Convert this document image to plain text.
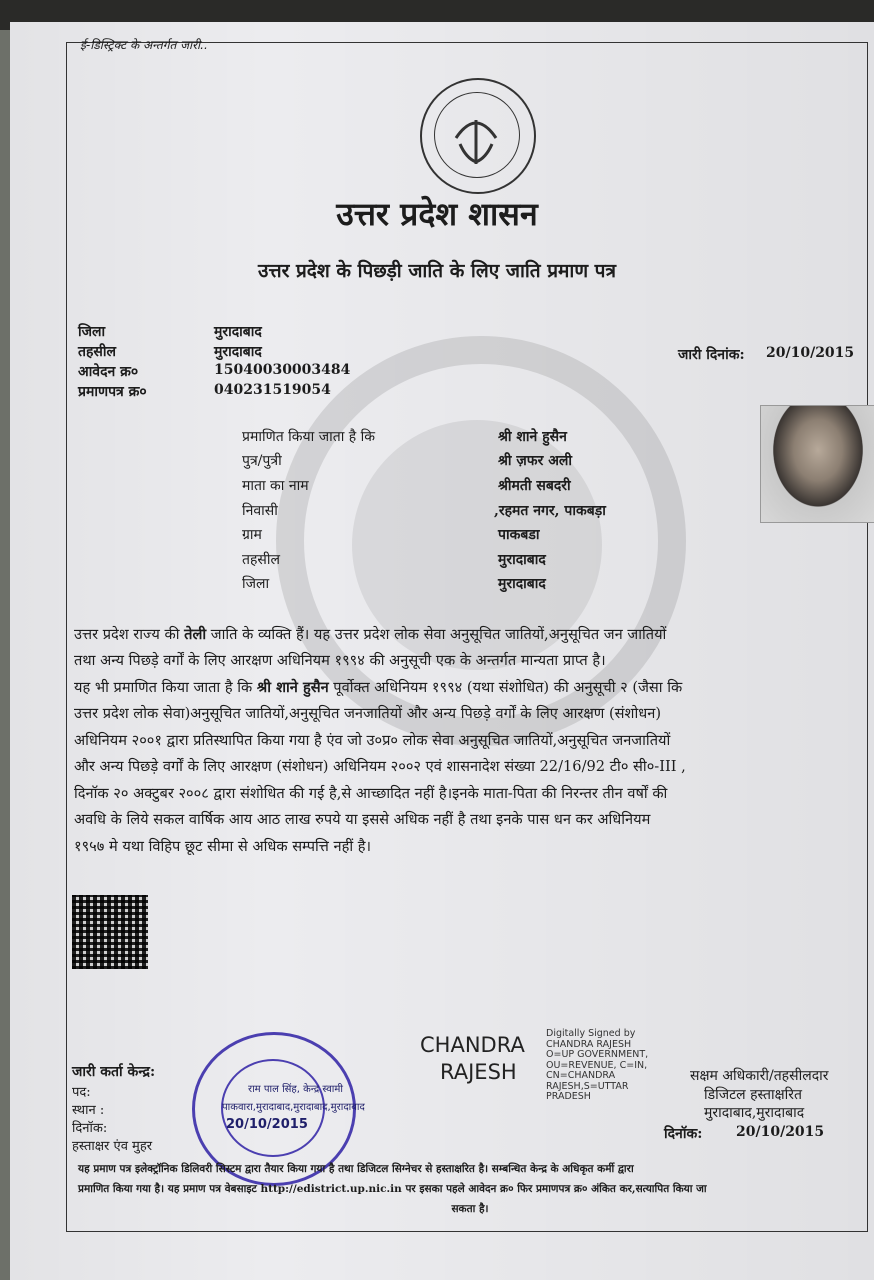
ई-डिस्ट्रिक्ट के अन्तर्गत जारी..
उत्तर प्रदेश शासन
उत्तर प्रदेश के पिछड़ी जाति के लिए जाति प्रमाण पत्र
जिला	मुरादाबाद
तहसील	मुरादाबाद
आवेदन क्र०	15040030003484
प्रमाणपत्र क्र०	040231519054
जारी दिनांक: 20/10/2015
प्रमाणित किया जाता है कि	श्री शाने हुसैन
पुत्र/पुत्री	श्री ज़फर अली
माता का नाम	श्रीमती सबदरी
निवासी	,रहमत नगर, पाकबड़ा
ग्राम	पाकबडा
तहसील	मुरादाबाद
जिला	मुरादाबाद
उत्तर प्रदेश राज्य की तेली जाति के व्यक्ति हैं। यह उत्तर प्रदेश लोक सेवा अनुसूचित जातियों,अनुसूचित जन जातियों
तथा अन्य पिछड़े वर्गों के लिए आरक्षण अधिनियम १९९४ की अनुसूची एक के अन्तर्गत मान्यता प्राप्त है।
यह भी प्रमाणित किया जाता है कि श्री शाने हुसैन पूर्वोक्त अधिनियम १९९४ (यथा संशोधित) की अनुसूची २ (जैसा कि
उत्तर प्रदेश लोक सेवा)अनुसूचित जातियों,अनुसूचित जनजातियों और अन्य पिछड़े वर्गों के लिए आरक्षण (संशोधन)
अधिनियम २००१ द्वारा प्रतिस्थापित किया गया है एंव जो उ०प्र० लोक सेवा अनुसूचित जातियों,अनुसूचित जनजातियों
और अन्य पिछड़े वर्गों के लिए आरक्षण (संशोधन) अधिनियम २००२ एवं शासनादेश संख्या 22/16/92 टी० सी०-III ,
दिनॉक २० अक्टुबर २००८ द्वारा संशोधित की गई है,से आच्छादित नहीं है।इनके माता-पिता की निरन्तर तीन वर्षों की
अवधि के लिये सकल वार्षिक आय आठ लाख रुपये या इससे अधिक नहीं है तथा इनके पास धन कर अधिनियम
१९५७ मे यथा विहिप छूट सीमा से अधिक सम्पत्ति नहीं है।
जारी कर्ता केन्द्र:
पद:
स्थान :
दिनॉक:
हस्ताक्षर एंव मुहर
राम पाल सिंह, केन्द्र स्वामी
पाकवारा,मुरादाबाद,मुरादाबाद,मुरादाबाद
20/10/2015
CHANDRA
RAJESH
Digitally Signed by
CHANDRA RAJESH
O=UP GOVERNMENT,
OU=REVENUE, C=IN,
CN=CHANDRA
RAJESH,S=UTTAR
PRADESH
सक्षम अधिकारी/तहसीलदार
डिजिटल हस्ताक्षरित
मुरादाबाद,मुरादाबाद
दिनॉक: 20/10/2015
यह प्रमाण पत्र इलेक्ट्रॉनिक डिलिवरी सिस्टम द्वारा तैयार किया गया है तथा डिजिटल सिग्नेचर से हस्ताक्षरित है। सम्बन्धित केन्द्र के अधिकृत कर्मी द्वारा
प्रमाणित किया गया है। यह प्रमाण पत्र वेबसाइट http://edistrict.up.nic.in पर इसका पहले आवेदन क्र० फिर प्रमाणपत्र क्र० अंकित कर,सत्यापित किया जा
सकता है।
